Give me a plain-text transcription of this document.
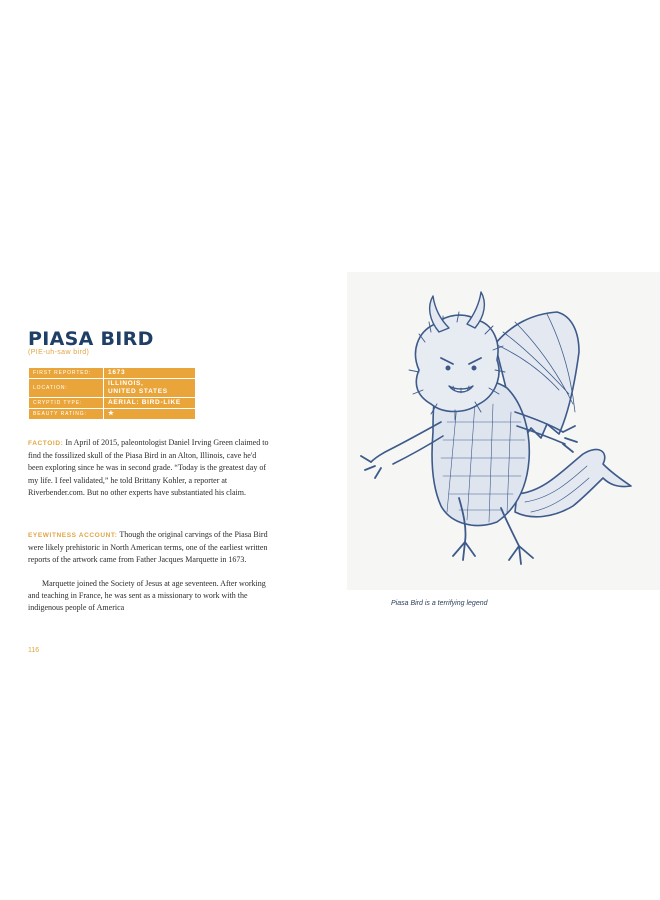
PIASA BIRD
(PIE-uh-saw bird)
FIRST REPORTED:	1673
LOCATION:	ILLINOIS,
UNITED STATES
CRYPTID TYPE:	AERIAL: BIRD-LIKE
BEAUTY RATING:	★

FACTOID: In April of 2015, paleontologist Daniel Irving Green claimed to find the fossilized skull of the Piasa Bird in an Alton, Illinois, cave he'd been exploring since he was in second grade. “Today is the greatest day of my life. I feel validated,” he told Brittany Kohler, a reporter at Riverbender.com. But no other experts have substantiated his claim.

EYEWITNESS ACCOUNT: Though the original carvings of the Piasa Bird were likely prehistoric in North American terms, one of the earliest written reports of the artwork came from Father Jacques Marquette in 1673.

Marquette joined the Society of Jesus at age seventeen. After working and teaching in France, he was sent as a missionary to work with the indigenous people of America	Piasa Bird is a terrifying legend
116
